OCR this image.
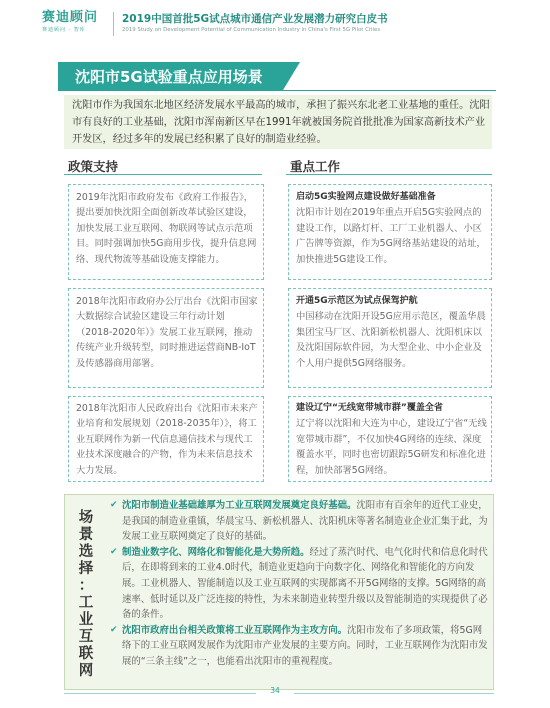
赛迪顾问
赛迪顾问 · 智库
2019中国首批5G试点城市通信产业发展潜力研究白皮书
2019 Study on Development Potential of Communication Industry in China's First 5G Pilot Cities
沈阳市5G试验重点应用场景
沈阳市作为我国东北地区经济发展水平最高的城市，承担了振兴东北老工业基地的重任。沈阳市有良好的工业基础，沈阳市浑南新区早在1991年就被国务院首批批准为国家高新技术产业开发区，经过多年的发展已经积累了良好的制造业经验。
政策支持	重点工作
2019年沈阳市政府发布《政府工作报告》，提出要加快沈阳全面创新改革试验区建设，加快发展工业互联网、物联网等试点示范项目。同时强调加快5G商用步伐，提升信息网络、现代物流等基础设施支撑能力。
2018年沈阳市政府办公厅出台《沈阳市国家大数据综合试验区建设三年行动计划（2018-2020年）》发展工业互联网，推动传统产业升级转型，同时推进运营商NB-IoT及传感器商用部署。
2018年沈阳市人民政府出台《沈阳市未来产业培育和发展规划（2018-2035年）》，将工业互联网作为新一代信息通信技术与现代工业技术深度融合的产物，作为未来信息技术大力发展。
启动5G实验网点建设做好基础准备
沈阳市计划在2019年重点开启5G实验网点的建设工作，以路灯杆、工厂工业机器人、小区广告牌等资源，作为5G网络基站建设的站址，加快推进5G建设工作。
开通5G示范区为试点保驾护航
中国移动在沈阳开设5G应用示范区，覆盖华晨集团宝马厂区、沈阳新松机器人、沈阳机床以及沈阳国际软件园，为大型企业、中小企业及个人用户提供5G网络服务。
建设辽宁“无线宽带城市群”覆盖全省
辽宁将以沈阳和大连为中心，建设辽宁省“无线宽带城市群”，不仅加快4G网络的连续、深度覆盖水平，同时也密切跟踪5G研发和标准化进程，加快部署5G网络。
场
景
选
择
：
工
业
互
联
网
✔ 沈阳市制造业基础雄厚为工业互联网发展奠定良好基础。沈阳市有百余年的近代工业史，是我国的制造业重镇，华晨宝马、新松机器人、沈阳机床等著名制造业企业汇集于此，为发展工业互联网奠定了良好的基础。
✔ 制造业数字化、网络化和智能化是大势所趋。经过了蒸汽时代、电气化时代和信息化时代后，在即将到来的工业4.0时代，制造业更趋向于向数字化、网络化和智能化的方向发展。工业机器人、智能制造以及工业互联网的实现都离不开5G网络的支撑。5G网络的高速率、低时延以及广泛连接的特性，为未来制造业转型升级以及智能制造的实现提供了必备的条件。
✔ 沈阳市政府出台相关政策将工业互联网作为主攻方向。沈阳市发布了多项政策，将5G网络下的工业互联网发展作为沈阳市产业发展的主要方向。同时，工业互联网作为沈阳市发展的“三条主线”之一，也能看出沈阳市的重视程度。
34
